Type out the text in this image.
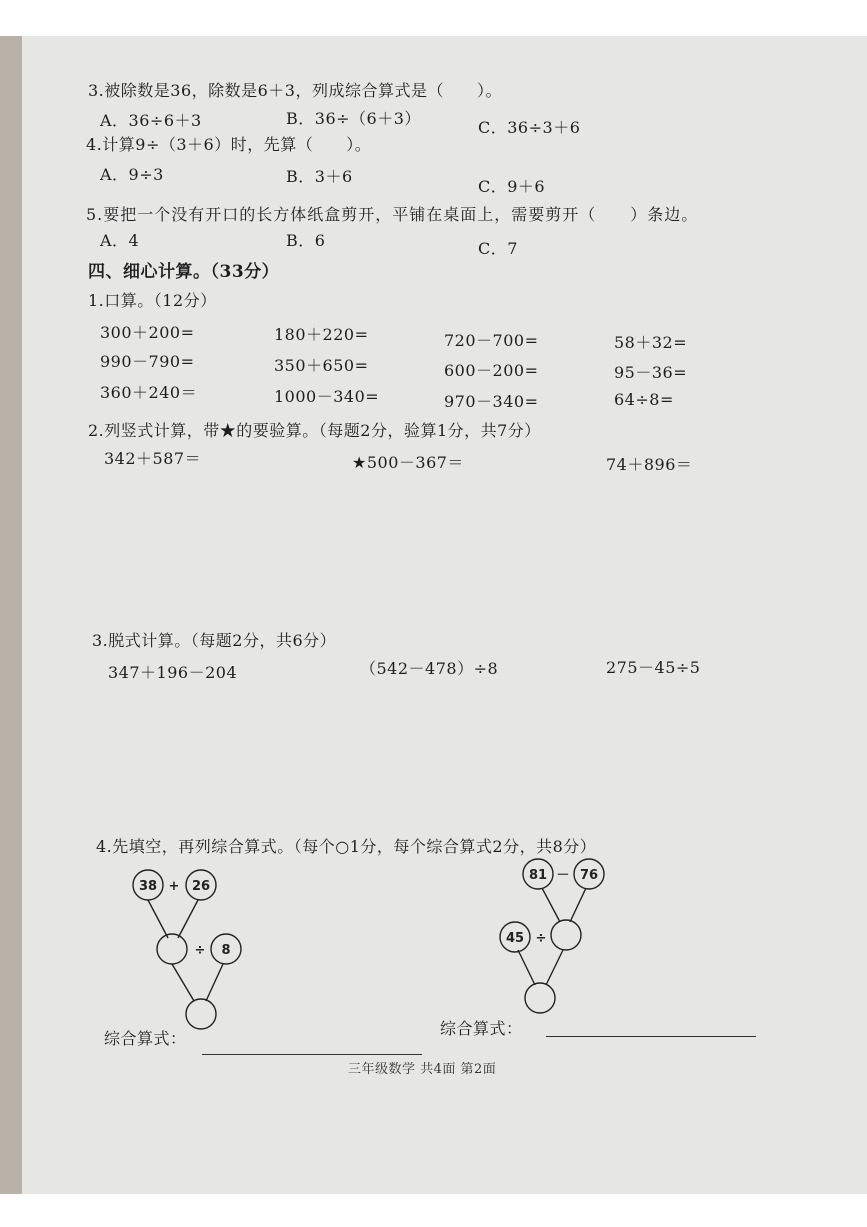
3.被除数是36，除数是6＋3，列成综合算式是（　　）。
A．36÷6＋3	B．36÷（6＋3）	C．36÷3＋6
4.计算9÷（3＋6）时，先算（　　）。
A．9÷3	B．3＋6
C．9＋6
5.要把一个没有开口的长方体纸盒剪开，平铺在桌面上，需要剪开（　　）条边。
A．4	B．6	C．7
四、细心计算。（33分）
1.口算。（12分）
300＋200=	180＋220=	720－700=	58＋32=
990－790=	350＋650=	600－200=	95－36=
360＋240＝	1000－340=	970－340=	64÷8=
2.列竖式计算，带★的要验算。（每题2分，验算1分，共7分）
342＋587＝	★500－367＝	74＋896＝
3.脱式计算。（每题2分，共6分）
347＋196－204	（542－478）÷8	275－45÷5
4.先填空，再列综合算式。（每个○1分，每个综合算式2分，共8分）
38 + 26
÷ 8
81 － 76
45 ÷
综合算式：
综合算式：
三年级数学 共4面 第2面
